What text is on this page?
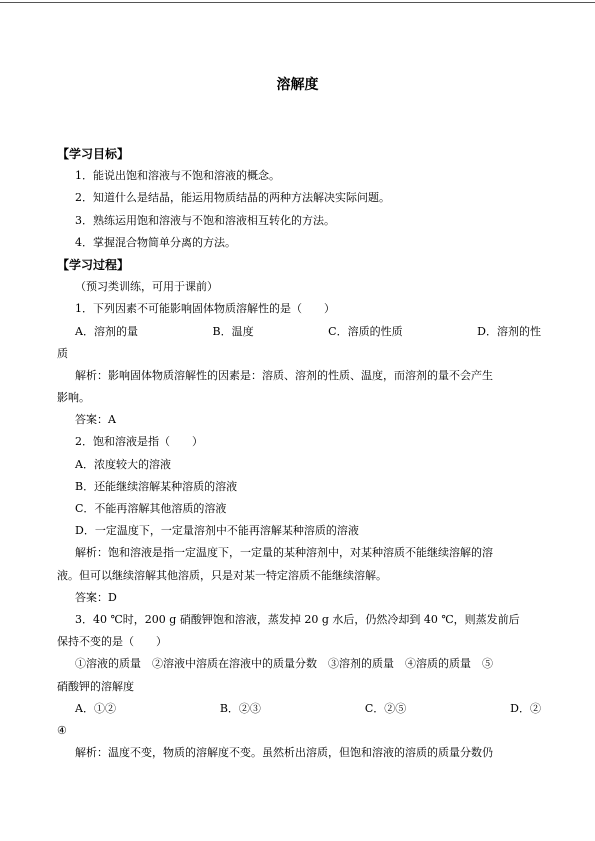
溶解度
【学习目标】
1．能说出饱和溶液与不饱和溶液的概念。
2．知道什么是结晶，能运用物质结晶的两种方法解决实际问题。
3．熟练运用饱和溶液与不饱和溶液相互转化的方法。
4．掌握混合物简单分离的方法。
【学习过程】
（预习类训练，可用于课前）
1．下列因素不可能影响固体物质溶解性的是（　　）
A．溶剂的量	B．温度	C．溶质的性质	D．溶剂的性
质
解析：影响固体物质溶解性的因素是：溶质、溶剂的性质、温度，而溶剂的量不会产生
影响。
答案：A
2．饱和溶液是指（　　）
A．浓度较大的溶液
B．还能继续溶解某种溶质的溶液
C．不能再溶解其他溶质的溶液
D．一定温度下，一定量溶剂中不能再溶解某种溶质的溶液
解析：饱和溶液是指一定温度下，一定量的某种溶剂中，对某种溶质不能继续溶解的溶
液。但可以继续溶解其他溶质，只是对某一特定溶质不能继续溶解。
答案：D
3．40 ℃时，200 g 硝酸钾饱和溶液，蒸发掉 20 g 水后，仍然冷却到 40 ℃，则蒸发前后
保持不变的是（　　）
①溶液的质量　②溶液中溶质在溶液中的质量分数　③溶剂的质量　④溶质的质量　⑤
硝酸钾的溶解度
A．①②	B．②③	C．②⑤	D．②
④
解析：温度不变，物质的溶解度不变。虽然析出溶质，但饱和溶液的溶质的质量分数仍
